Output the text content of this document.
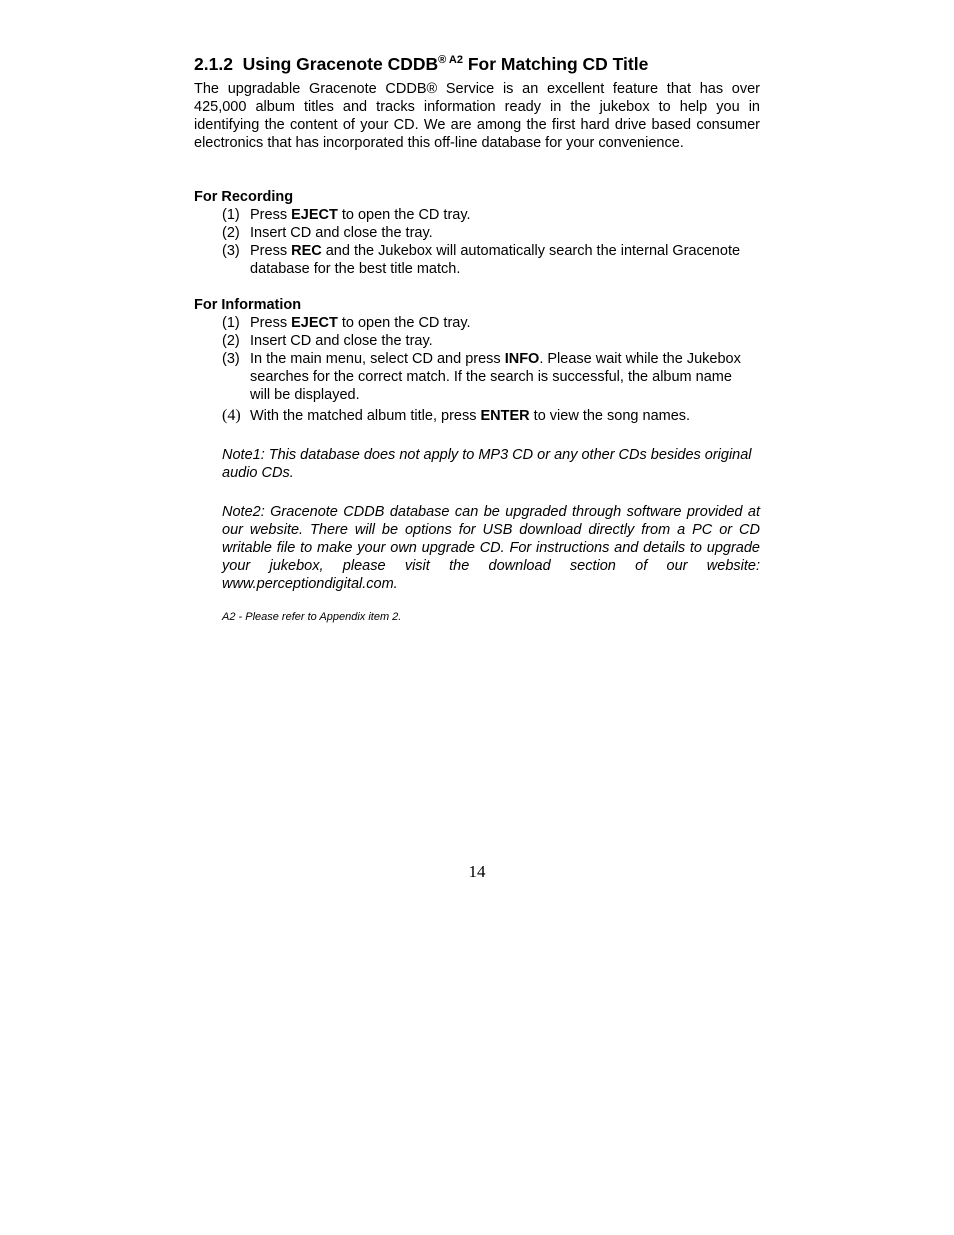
2.1.2 Using Gracenote $CDDB^{® A2}$ For Matching CD Title

The upgradable Gracenote CDDB® Service is an excellent feature that has over 425,000 album titles and tracks information ready in the jukebox to help you in identifying the content of your CD. We are among the first hard drive based consumer electronics that has incorporated this off-line database for your convenience.

For Recording
(1) Press EJECT to open the CD tray.
(2) Insert CD and close the tray.
(3) Press REC and the Jukebox will automatically search the internal Gracenote database for the best title match.
For Information
(1) Press EJECT to open the CD tray.
(2) Insert CD and close the tray.
(3) In the main menu, select CD and press INFO. Please wait while the Jukebox searches for the correct match. If the search is successful, the album name will be displayed.
(4) With the matched album title, press ENTER to view the song names.

Note1: This database does not apply to MP3 CD or any other CDs besides original audio CDs.

Note2: Gracenote CDDB database can be upgraded through software provided at our website. There will be options for USB download directly from a PC or CD writable file to make your own upgrade CD. For instructions and details to upgrade your jukebox, please visit the download section of our website: www.perceptiondigital.com.

A2 - Please refer to Appendix item 2.
14
